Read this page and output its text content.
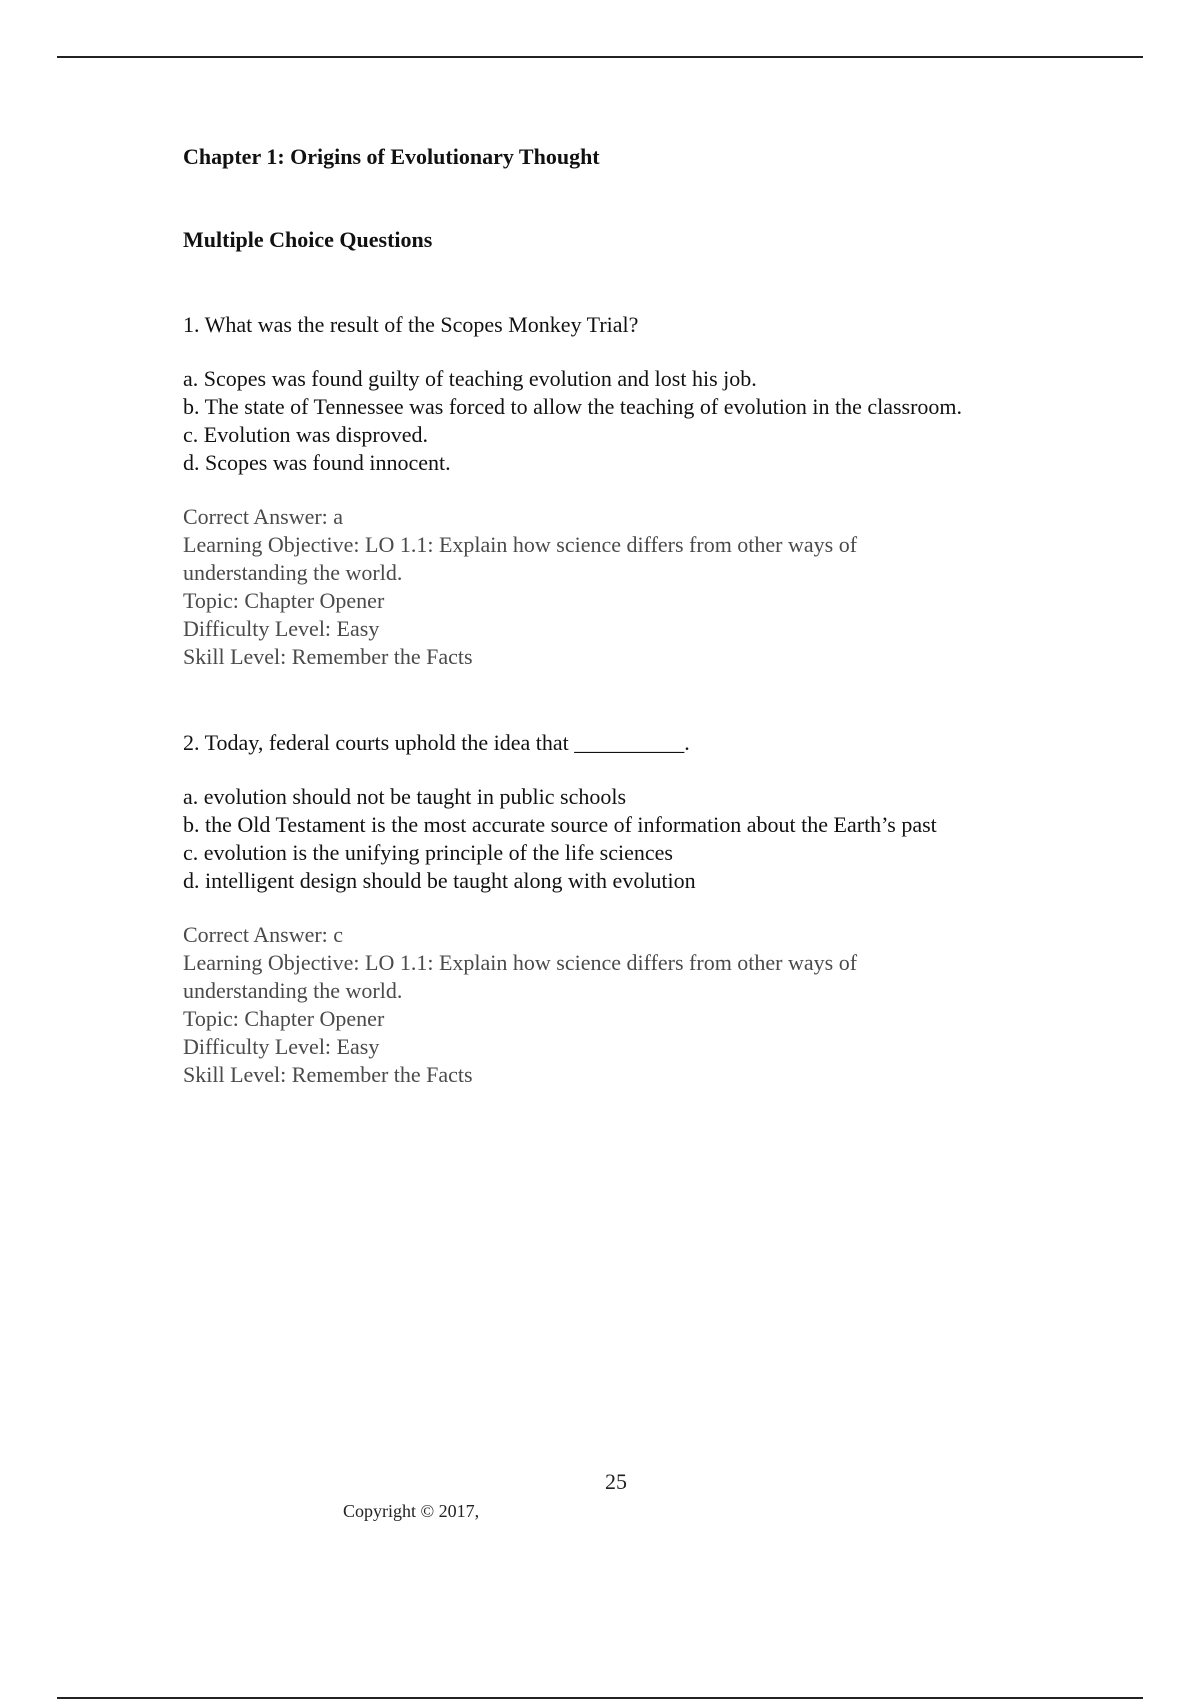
Chapter 1: Origins of Evolutionary Thought
Multiple Choice Questions

1. What was the result of the Scopes Monkey Trial?

a. Scopes was found guilty of teaching evolution and lost his job.
b. The state of Tennessee was forced to allow the teaching of evolution in the classroom.
c. Evolution was disproved.
d. Scopes was found innocent.
Correct Answer: a
Learning Objective: LO 1.1: Explain how science differs from other ways of understanding the world.
Topic: Chapter Opener
Difficulty Level: Easy
Skill Level: Remember the Facts

2. Today, federal courts uphold the idea that __________.

a. evolution should not be taught in public schools
b. the Old Testament is the most accurate source of information about the Earth’s past
c. evolution is the unifying principle of the life sciences
d. intelligent design should be taught along with evolution
Correct Answer: c
Learning Objective: LO 1.1: Explain how science differs from other ways of understanding the world.
Topic: Chapter Opener
Difficulty Level: Easy
Skill Level: Remember the Facts
25
Copyright © 2017,
